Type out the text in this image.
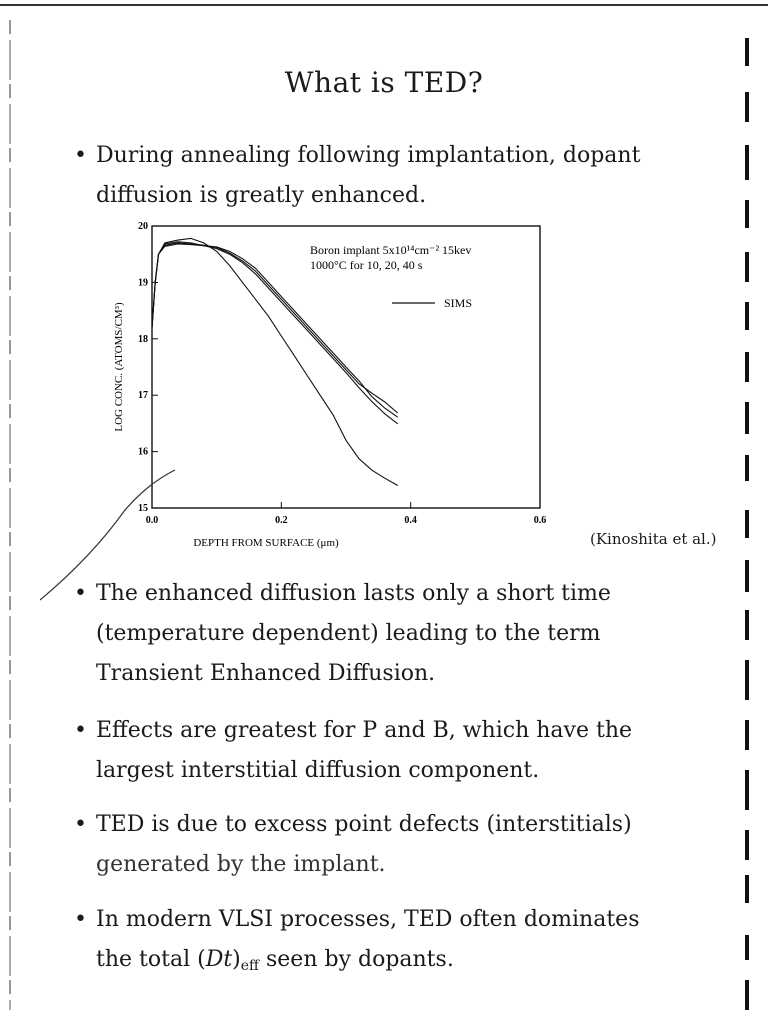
What is TED?
• During annealing following implantation, dopant
diffusion is greatly enhanced.
0.0	0.2	0.4	0.6
15
16
17
18
19
20
DEPTH FROM SURFACE (μm)
LOG CONC. (ATOMS/CM³)
Boron implant 5x10¹⁴cm⁻² 15kev
1000°C for 10, 20, 40 s
SIMS
(Kinoshita et al.)
• The enhanced diffusion lasts only a short time
(temperature dependent) leading to the term
Transient Enhanced Diffusion.
• Effects are greatest for P and B, which have the
largest interstitial diffusion component.
• TED is due to excess point defects (interstitials)
generated by the implant.
• In modern VLSI processes, TED often dominates
the total $(Dt)_{eff}$ seen by dopants.
